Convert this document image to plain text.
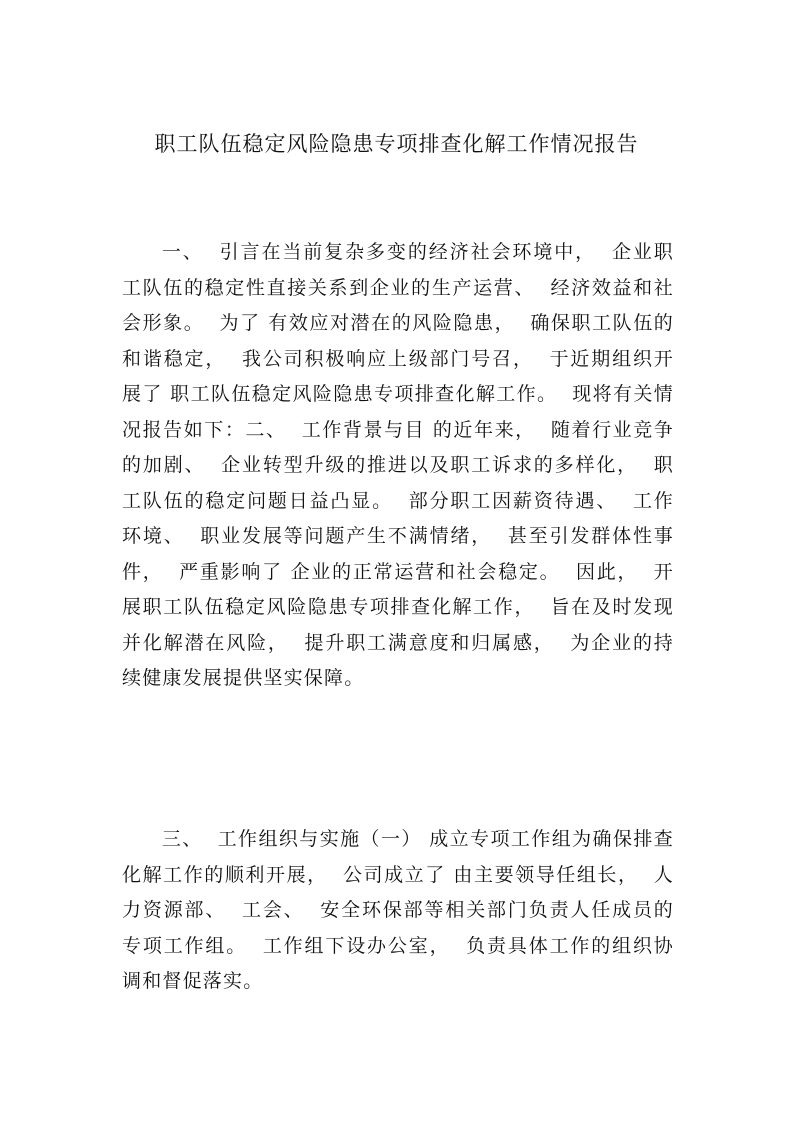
职工队伍稳定风险隐患专项排查化解工作情况报告

一、  引言在当前复杂多变的经济社会环境中，  企业职工队伍的稳定性直接关系到企业的生产运营、  经济效益和社会形象。  为了 有效应对潜在的风险隐患，  确保职工队伍的和谐稳定，  我公司积极响应上级部门号召，  于近期组织开展了 职工队伍稳定风险隐患专项排查化解工作。  现将有关情况报告如下：二、  工作背景与目 的近年来，  随着行业竞争的加剧、  企业转型升级的推进以及职工诉求的多样化，  职工队伍的稳定问题日益凸显。  部分职工因薪资待遇、  工作环境、  职业发展等问题产生不满情绪，  甚至引发群体性事件，  严重影响了 企业的正常运营和社会稳定。  因此，  开展职工队伍稳定风险隐患专项排查化解工作，  旨在及时发现并化解潜在风险，  提升职工满意度和归属感，  为企业的持续健康发展提供坚实保障。

三、  工作组织与实施（一） 成立专项工作组为确保排查化解工作的顺利开展，  公司成立了 由主要领导任组长，  人力资源部、  工会、  安全环保部等相关部门负责人任成员的专项工作组。  工作组下设办公室，  负责具体工作的组织协调和督促落实。
